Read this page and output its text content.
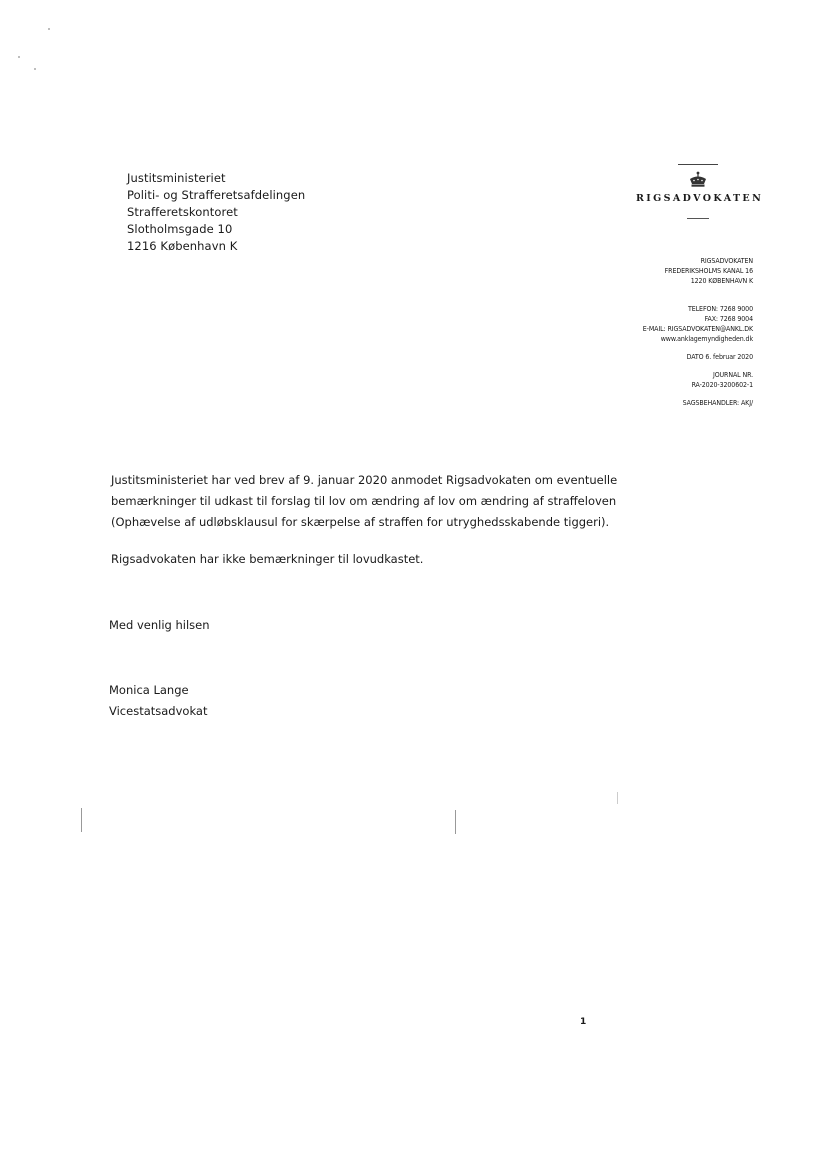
Justitsministeriet
Politi- og Strafferetsafdelingen
Strafferetskontoret
Slotholmsgade 10
1216 København K
RIGSADVOKATEN
RIGSADVOKATEN
FREDERIKSHOLMS KANAL 16
1220 KØBENHAVN K
TELEFON: 7268 9000
FAX: 7268 9004
E-MAIL: RIGSADVOKATEN@ANKL.DK
www.anklagemyndigheden.dk
DATO 6. februar 2020
JOURNAL NR.
RA-2020-3200602-1
SAGSBEHANDLER: AKJ/

Justitsministeriet har ved brev af 9. januar 2020 anmodet Rigsadvokaten om eventuelle
bemærkninger til udkast til forslag til lov om ændring af lov om ændring af straffeloven
(Ophævelse af udløbsklausul for skærpelse af straffen for utryghedsskabende tiggeri).

Rigsadvokaten har ikke bemærkninger til lovudkastet.

Med venlig hilsen
Monica Lange
Vicestatsadvokat
1
